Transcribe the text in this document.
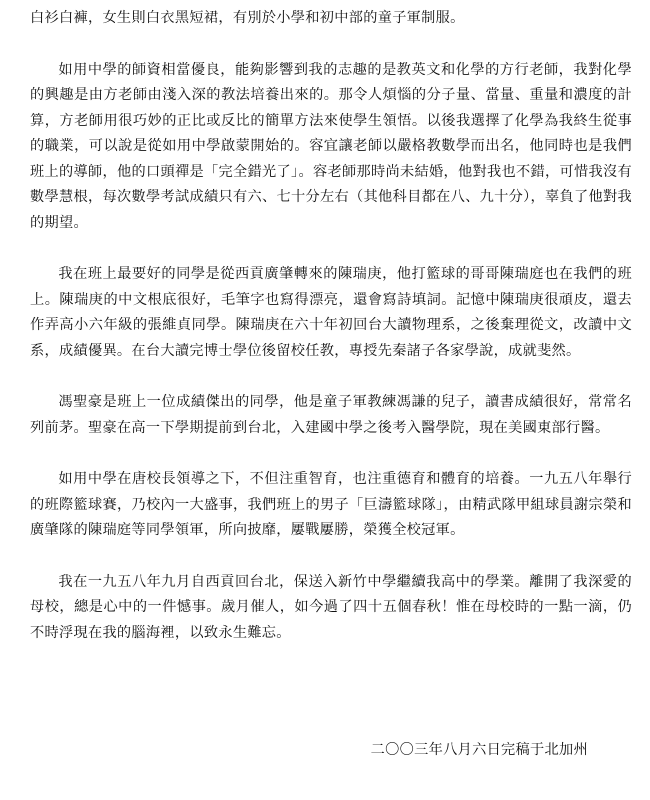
白衫白褲，女生則白衣黑短裙，有別於小學和初中部的童子軍制服。

如用中學的師資相當優良，能夠影響到我的志趣的是教英文和化學的方行老師，我對化學的興趣是由方老師由淺入深的教法培養出來的。那令人煩惱的分子量、當量、重量和濃度的計算，方老師用很巧妙的正比或反比的簡單方法來使學生領悟。以後我選擇了化學為我終生從事的職業，可以說是從如用中學啟蒙開始的。容宜讓老師以嚴格教數學而出名，他同時也是我們班上的導師，他的口頭禪是「完全錯光了」。容老師那時尚未結婚，他對我也不錯，可惜我沒有數學慧根，每次數學考試成績只有六、七十分左右（其他科目都在八、九十分），辜負了他對我的期望。

我在班上最要好的同學是從西貢廣肇轉來的陳瑞庚，他打籃球的哥哥陳瑞庭也在我們的班上。陳瑞庚的中文根底很好，毛筆字也寫得漂亮，還會寫詩填詞。記憶中陳瑞庚很頑皮，還去作弄高小六年級的張維貞同學。陳瑞庚在六十年初回台大讀物理系，之後棄理從文，改讀中文系，成績優異。在台大讀完博士學位後留校任教，專授先秦諸子各家學說，成就斐然。

馮聖豪是班上一位成績傑出的同學，他是童子軍教練馮謙的兒子，讀書成績很好，常常名列前茅。聖豪在高一下學期提前到台北，入建國中學之後考入醫學院，現在美國東部行醫。

如用中學在唐校長領導之下，不但注重智育，也注重德育和體育的培養。一九五八年舉行的班際籃球賽，乃校內一大盛事，我們班上的男子「巨濤籃球隊」，由精武隊甲組球員謝宗榮和廣肇隊的陳瑞庭等同學領軍，所向披靡，屢戰屢勝，榮獲全校冠軍。

我在一九五八年九月自西貢回台北，保送入新竹中學繼續我高中的學業。離開了我深愛的母校，總是心中的一件憾事。歲月催人，如今過了四十五個春秋！惟在母校時的一點一滴，仍不時浮現在我的腦海裡，以致永生難忘。

二〇〇三年八月六日完稿于北加州
